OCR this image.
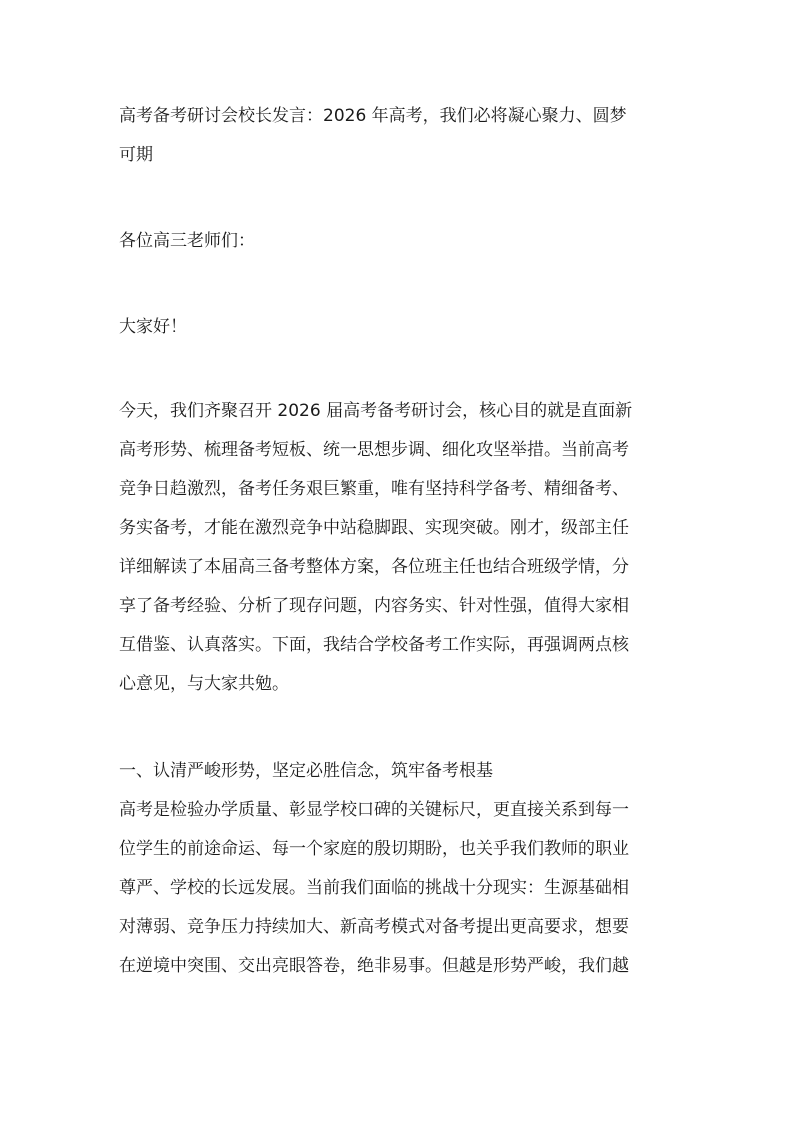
高考备考研讨会校长发言：2026 年高考，我们必将凝心聚力、圆梦
可期
各位高三老师们：
大家好！
今天，我们齐聚召开 2026 届高考备考研讨会，核心目的就是直面新
高考形势、梳理备考短板、统一思想步调、细化攻坚举措。当前高考
竞争日趋激烈，备考任务艰巨繁重，唯有坚持科学备考、精细备考、
务实备考，才能在激烈竞争中站稳脚跟、实现突破。刚才，级部主任
详细解读了本届高三备考整体方案，各位班主任也结合班级学情，分
享了备考经验、分析了现存问题，内容务实、针对性强，值得大家相
互借鉴、认真落实。下面，我结合学校备考工作实际，再强调两点核
心意见，与大家共勉。
一、认清严峻形势，坚定必胜信念，筑牢备考根基
高考是检验办学质量、彰显学校口碑的关键标尺，更直接关系到每一
位学生的前途命运、每一个家庭的殷切期盼，也关乎我们教师的职业
尊严、学校的长远发展。当前我们面临的挑战十分现实：生源基础相
对薄弱、竞争压力持续加大、新高考模式对备考提出更高要求，想要
在逆境中突围、交出亮眼答卷，绝非易事。但越是形势严峻，我们越
